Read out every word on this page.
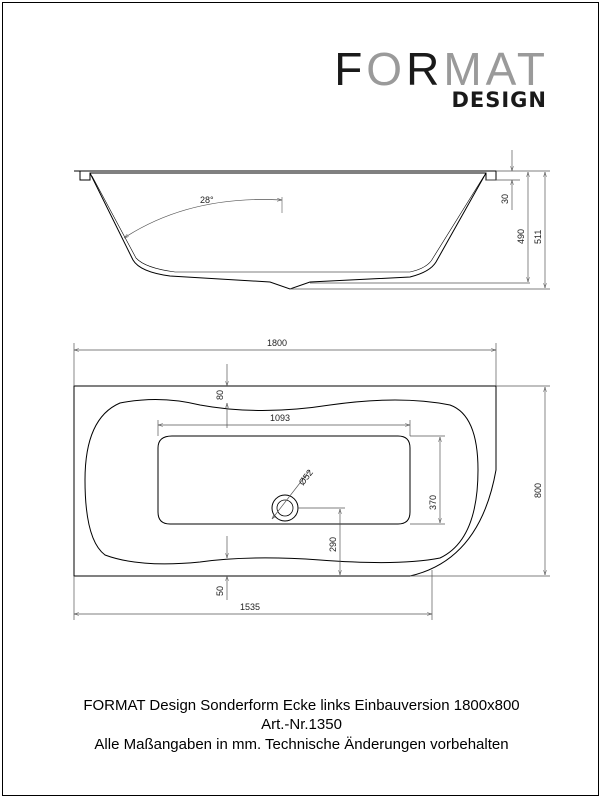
FORMAT
DESIGN
28°	30
490 511
1800
80
1093
Ø52
370
800
290
50
1535
FORMAT Design Sonderform Ecke links Einbauversion 1800x800
Art.-Nr.1350
Alle Maßangaben in mm. Technische Änderungen vorbehalten
